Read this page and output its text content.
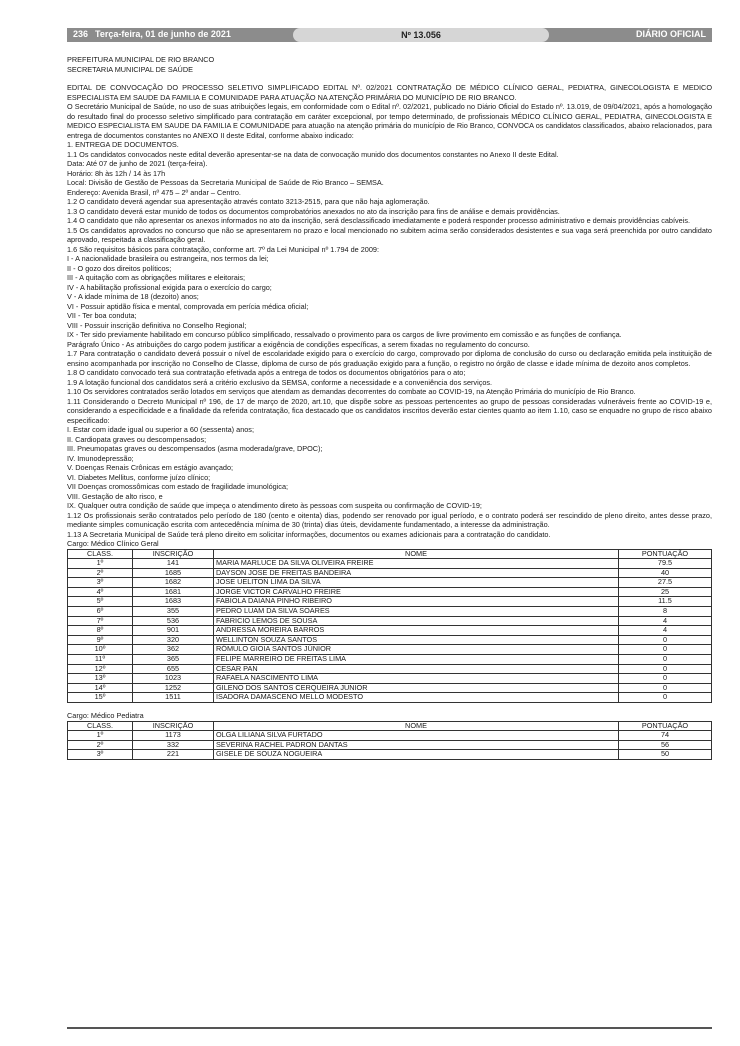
236 Terça-feira, 01 de junho de 2021	Nº 13.056	DIÁRIO OFICIAL

PREFEITURA MUNICIPAL DE RIO BRANCO

SECRETARIA MUNICIPAL DE SAÚDE

EDITAL DE CONVOCAÇÃO DO PROCESSO SELETIVO SIMPLIFICADO EDITAL Nº. 02/2021 CONTRATAÇÃO DE MÉDICO CLÍNICO GERAL, PEDIATRA, GINECOLOGISTA E MEDICO ESPECIALISTA EM SAUDE DA FAMILIA E COMUNIDADE PARA ATUAÇÃO NA ATENÇÃO PRIMÁRIA DO MUNICÍPIO DE RIO BRANCO.

O Secretário Municipal de Saúde, no uso de suas atribuições legais, em conformidade com o Edital nº. 02/2021, publicado no Diário Oficial do Estado nº. 13.019, de 09/04/2021, após a homologação do resultado final do processo seletivo simplificado para contratação em caráter excepcional, por tempo determinado, de profissionais MÉDICO CLÍNICO GERAL, PEDIATRA, GINECOLOGISTA E MEDICO ESPECIALISTA EM SAUDE DA FAMILIA E COMUNIDADE para atuação na atenção primária do município de Rio Branco, CONVOCA os candidatos classificados, abaixo relacionados, para entrega de documentos constantes no ANEXO II deste Edital, conforme abaixo indicado:

1. ENTREGA DE DOCUMENTOS.

1.1 Os candidatos convocados neste edital deverão apresentar-se na data de convocação munido dos documentos constantes no Anexo II deste Edital.

Data: Até 07 de junho de 2021 (terça-feira).

Horário: 8h às 12h / 14 às 17h

Local: Divisão de Gestão de Pessoas da Secretaria Municipal de Saúde de Rio Branco – SEMSA.

Endereço: Avenida Brasil, nº 475 – 2º andar – Centro.

1.2 O candidato deverá agendar sua apresentação através contato 3213-2515, para que não haja aglomeração.

1.3 O candidato deverá estar munido de todos os documentos comprobatórios anexados no ato da inscrição para fins de análise e demais providências.

1.4 O candidato que não apresentar os anexos informados no ato da inscrição, será desclassificado imediatamente e poderá responder processo administrativo e demais providências cabíveis.

1.5 Os candidatos aprovados no concurso que não se apresentarem no prazo e local mencionado no subitem acima serão considerados desistentes e sua vaga será preenchida por outro candidato aprovado, respeitada a classificação geral.

1.6 São requisitos básicos para contratação, conforme art. 7º da Lei Municipal nº 1.794 de 2009:

I - A nacionalidade brasileira ou estrangeira, nos termos da lei;

II - O gozo dos direitos políticos;

III - A quitação com as obrigações militares e eleitorais;

IV - A habilitação profissional exigida para o exercício do cargo;

V - A idade mínima de 18 (dezoito) anos;

VI - Possuir aptidão física e mental, comprovada em perícia médica oficial;

VII - Ter boa conduta;

VIII - Possuir inscrição definitiva no Conselho Regional;

IX - Ter sido previamente habilitado em concurso público simplificado, ressalvado o provimento para os cargos de livre provimento em comissão e as funções de confiança.

Parágrafo Único - As atribuições do cargo podem justificar a exigência de condições específicas, a serem fixadas no regulamento do concurso.

1.7 Para contratação o candidato deverá possuir o nível de escolaridade exigido para o exercício do cargo, comprovado por diploma de conclusão do curso ou declaração emitida pela instituição de ensino acompanhada por inscrição no Conselho de Classe, diploma de curso de pós graduação exigido para a função, o registro no órgão de classe e idade mínima de dezoito anos completos.

1.8 O candidato convocado terá sua contratação efetivada após a entrega de todos os documentos obrigatórios para o ato;

1.9 A lotação funcional dos candidatos será a critério exclusivo da SEMSA, conforme a necessidade e a conveniência dos serviços.

1.10 Os servidores contratados serão lotados em serviços que atendam as demandas decorrentes do combate ao COVID-19, na Atenção Primária do município de Rio Branco.

1.11 Considerando o Decreto Municipal nº 196, de 17 de março de 2020, art.10, que dispõe sobre as pessoas pertencentes ao grupo de pessoas consideradas vulneráveis frente ao COVID-19 e, considerando a especificidade e a finalidade da referida contratação, fica destacado que os candidatos inscritos deverão estar cientes quanto ao item 1.10, caso se enquadre no grupo de risco abaixo especificado:

I. Estar com idade igual ou superior a 60 (sessenta) anos;

II. Cardiopata graves ou descompensados;

III. Pneumopatas graves ou descompensados (asma moderada/grave, DPOC);

IV. Imunodepressão;

V. Doenças Renais Crônicas em estágio avançado;

VI. Diabetes Mellitus, conforme juízo clínico;

VII Doenças cromossômicas com estado de fragilidade imunológica;

VIII. Gestação de alto risco, e

IX. Qualquer outra condição de saúde que impeça o atendimento direto às pessoas com suspeita ou confirmação de COVID-19;

1.12 Os profissionais serão contratados pelo período de 180 (cento e oitenta) dias, podendo ser renovado por igual período, e o contrato poderá ser rescindido de pleno direito, antes desse prazo, mediante simples comunicação escrita com antecedência mínima de 30 (trinta) dias úteis, devidamente fundamentado, a interesse da administração.

1.13 A Secretaria Municipal de Saúde terá pleno direito em solicitar informações, documentos ou exames adicionais para a contratação do candidato.

Cargo: Médico Clínico Geral

CLASS.	INSCRIÇÃO	NOME	PONTUAÇÃO
1º	141	MARIA MARLUCE DA SILVA OLIVEIRA FREIRE	79.5
2º	1685	DAYSON JOSE DE FREITAS BANDEIRA	40
3º	1682	JOSE UELITON LIMA DA SILVA	27.5
4º	1681	JORGE VICTOR CARVALHO FREIRE	25
5º	1683	FABIOLA DAIANA PINHO RIBEIRO	11.5
6º	355	PEDRO LUAM DA SILVA SOARES	8
7º	536	FABRICIO LEMOS DE SOUSA	4
8º	901	ANDRESSA MOREIRA BARROS	4
9º	320	WELLINTON SOUZA SANTOS	0
10º	362	RÓMULO GIOIA SANTOS JÚNIOR	0
11º	365	FELIPE MARREIRO DE FREITAS LIMA	0
12º	655	CESAR PAN	0
13º	1023	RAFAELA NASCIMENTO LIMA	0
14º	1252	GILENO DOS SANTOS CERQUEIRA JUNIOR	0
15º	1511	ISADORA DAMASCENO MELLO MODESTO	0

Cargo: Médico Pediatra

CLASS.	INSCRIÇÃO	NOME	PONTUAÇÃO
1º	1173	OLGA LILIANA SILVA FURTADO	74
2º	332	SEVERINA RACHEL PADRON DANTAS	56
3º	221	GISELE DE SOUZA NOGUEIRA	50
